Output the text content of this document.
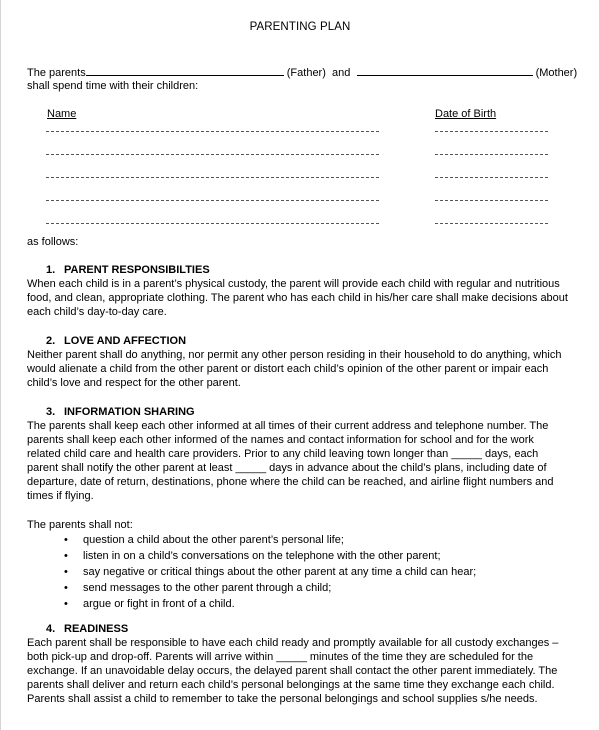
PARENTING PLAN
The parents	(Father) and	(Mother)
shall spend time with their children:
Name	Date of Birth
as follows:

1. PARENT RESPONSIBILTIES

When each child is in a parent’s physical custody, the parent will provide each child with regular and nutritious

food, and clean, appropriate clothing. The parent who has each child in his/her care shall make decisions about

each child’s day-to-day care.

2. LOVE AND AFFECTION

Neither parent shall do anything, nor permit any other person residing in their household to do anything, which

would alienate a child from the other parent or distort each child’s opinion of the other parent or impair each

child’s love and respect for the other parent.

3. INFORMATION SHARING

The parents shall keep each other informed at all times of their current address and telephone number. The

parents shall keep each other informed of the names and contact information for school and for the work

related child care and health care providers. Prior to any child leaving town longer than _____ days, each

parent shall notify the other parent at least _____ days in advance about the child’s plans, including date of

departure, date of return, destinations, phone where the child can be reached, and airline flight numbers and

times if flying.

The parents shall not:
• question a child about the other parent’s personal life;
• listen in on a child’s conversations on the telephone with the other parent;
• say negative or critical things about the other parent at any time a child can hear;
• send messages to the other parent through a child;
• argue or fight in front of a child.

4. READINESS

Each parent shall be responsible to have each child ready and promptly available for all custody exchanges –

both pick-up and drop-off. Parents will arrive within _____ minutes of the time they are scheduled for the

exchange. If an unavoidable delay occurs, the delayed parent shall contact the other parent immediately. The

parents shall deliver and return each child’s personal belongings at the same time they exchange each child.

Parents shall assist a child to remember to take the personal belongings and school supplies s/he needs.
